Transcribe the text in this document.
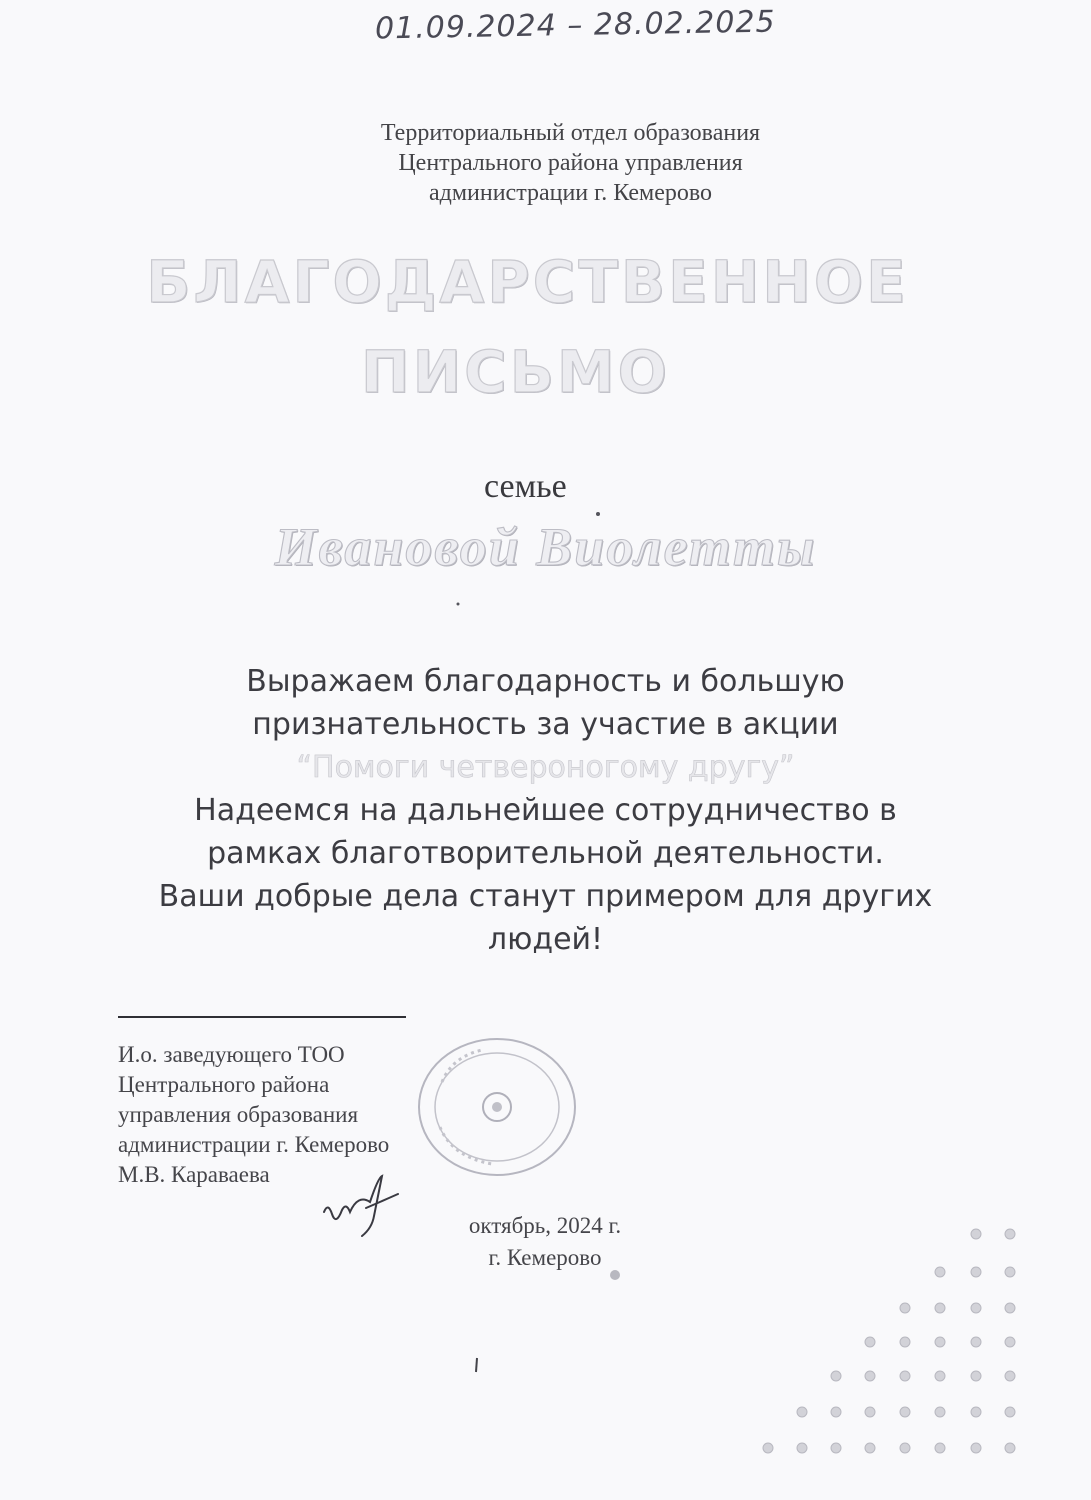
01.09.2024 – 28.02.2025
Территориальный отдел образования
Центрального района управления
администрации г. Кемерово
БЛАГОДАРСТВЕННОЕ
ПИСЬМО
семье
Ивановой Виолетты
Выражаем благодарность и большую
признательность за участие в акции
“Помоги четвероногому другу”
Надеемся на дальнейшее сотрудничество в
рамках благотворительной деятельности.
Ваши добрые дела станут примером для других
людей!
И.о. заведующего ТОО
Центрального района
управления образования
администрации г. Кемерово
М.В. Караваева
октябрь, 2024 г.
г. Кемерово
